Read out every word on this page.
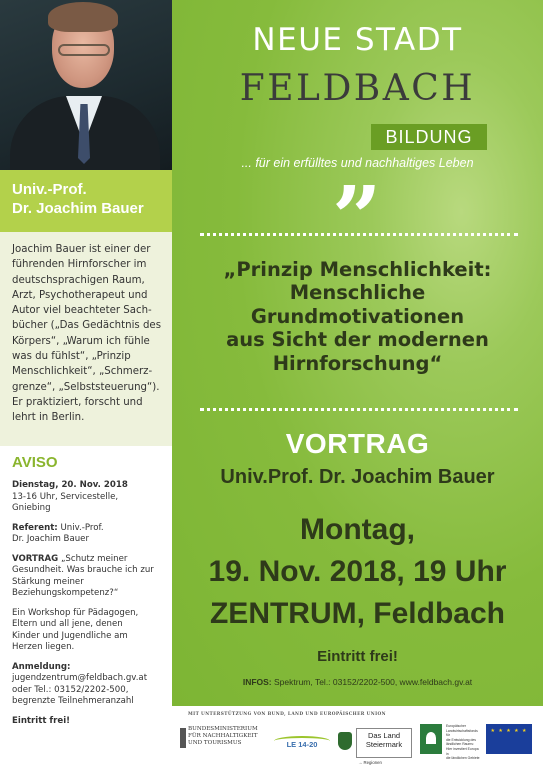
Univ.-Prof.
Dr. Joachim Bauer
Joachim Bauer ist einer der
führenden Hirnforscher im
deutschsprachigen Raum,
Arzt, Psychotherapeut und
Autor viel beachteter Sach-
bücher („Das Gedächtnis des
Körpers“, „Warum ich fühle
was du fühlst“, „Prinzip
Menschlichkeit“, „Schmerz-
grenze“, „Selbststeuerung“).
Er praktiziert, forscht und
lehrt in Berlin.
AVISO
Dienstag, 20. Nov. 2018
13-16 Uhr, Servicestelle,
Gniebing
Referent: Univ.-Prof.
Dr. Joachim Bauer
VORTRAG „Schutz meiner
Gesundheit. Was brauche ich zur
Stärkung meiner
Beziehungskompetenz?“
Ein Workshop für Pädagogen,
Eltern und all jene, denen
Kinder und Jugendliche am
Herzen liegen.
Anmeldung:
jugendzentrum@feldbach.gv.at
oder Tel.: 03152/2202-500,
begrenzte Teilnehmeranzahl
Eintritt frei!
NEUE STADT
FELDBACH
BILDUNG
... für ein erfülltes und nachhaltiges Leben
”
„Prinzip Menschlichkeit:
Menschliche
Grundmotivationen
aus Sicht der modernen
Hirnforschung“
VORTRAG
Univ.Prof. Dr. Joachim Bauer
Montag,
19. Nov. 2018, 19 Uhr
ZENTRUM, Feldbach
Eintritt frei!
INFOS: Spektrum, Tel.: 03152/2202-500, www.feldbach.gv.at
MIT UNTERSTÜTZUNG VON BUND, LAND UND EUROPÄISCHER UNION
BUNDESMINISTERIUM
FÜR NACHHALTIGKEIT
UND TOURISMUS	LE 14-20
Das Land
Steiermark
→ Regionen
Europäischer
Landwirtschaftsfonds für
die Entwicklung des
ländlichen Raums:
Hier investiert Europa in
die ländlichen Gebiete
★ ★ ★ ★ ★
